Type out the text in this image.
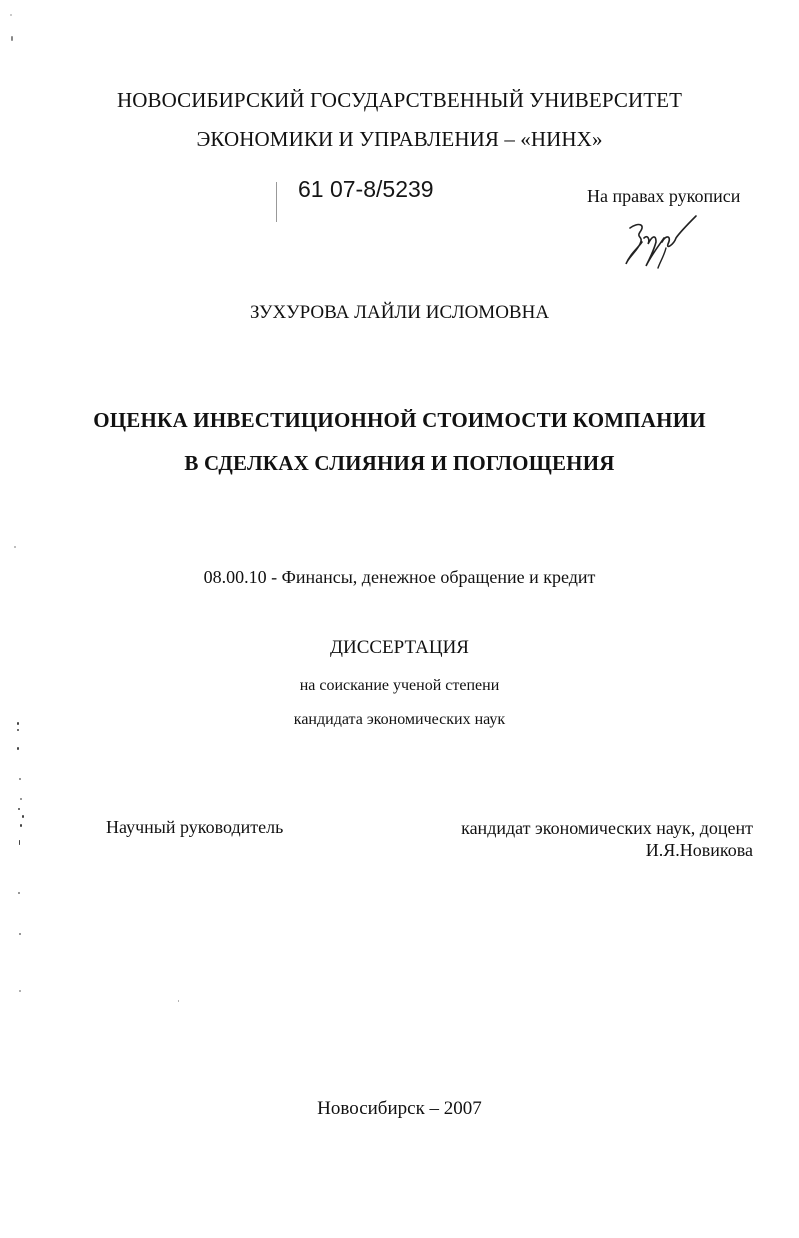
НОВОСИБИРСКИЙ ГОСУДАРСТВЕННЫЙ УНИВЕРСИТЕТ
ЭКОНОМИКИ И УПРАВЛЕНИЯ – «НИНХ»
61 07-8/5239	На правах рукописи
ЗУХУРОВА ЛАЙЛИ ИСЛОМОВНА
ОЦЕНКА ИНВЕСТИЦИОННОЙ СТОИМОСТИ КОМПАНИИ
В СДЕЛКАХ СЛИЯНИЯ И ПОГЛОЩЕНИЯ
08.00.10 - Финансы, денежное обращение и кредит
ДИССЕРТАЦИЯ
на соискание ученой степени
кандидата экономических наук
Научный руководитель	кандидат экономических наук, доцент
И.Я.Новикова
Новосибирск – 2007
